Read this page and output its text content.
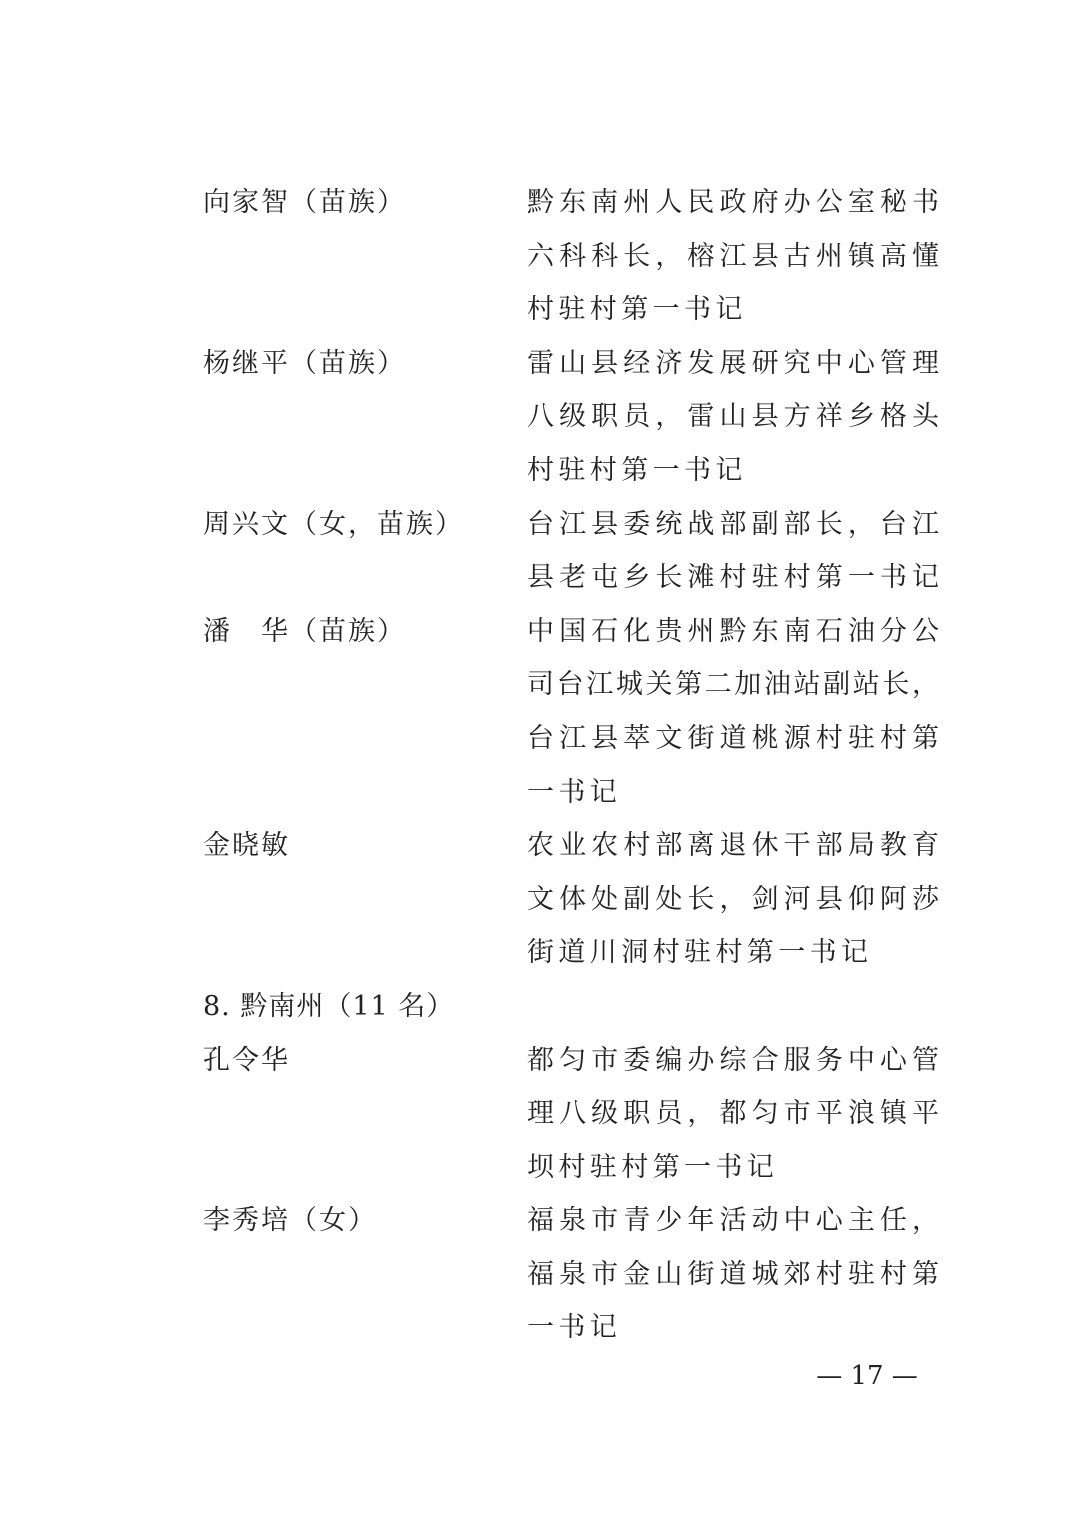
向家智（苗族）	黔东南州人民政府办公室秘书
六科科长，榕江县古州镇高懂
村驻村第一书记
杨继平（苗族）	雷山县经济发展研究中心管理
八级职员，雷山县方祥乡格头
村驻村第一书记
周兴文（女，苗族） 台江县委统战部副部长，台江
县老屯乡长滩村驻村第一书记
潘　华（苗族）	中国石化贵州黔东南石油分公
司台江城关第二加油站副站长，
台江县萃文街道桃源村驻村第
一书记
金晓敏	农业农村部离退休干部局教育
文体处副处长，剑河县仰阿莎
街道川洞村驻村第一书记
8. 黔南州（11 名）
孔令华	都匀市委编办综合服务中心管
理八级职员，都匀市平浪镇平
坝村驻村第一书记
李秀培（女）	福泉市青少年活动中心主任，
福泉市金山街道城郊村驻村第
一书记
— 17 —
